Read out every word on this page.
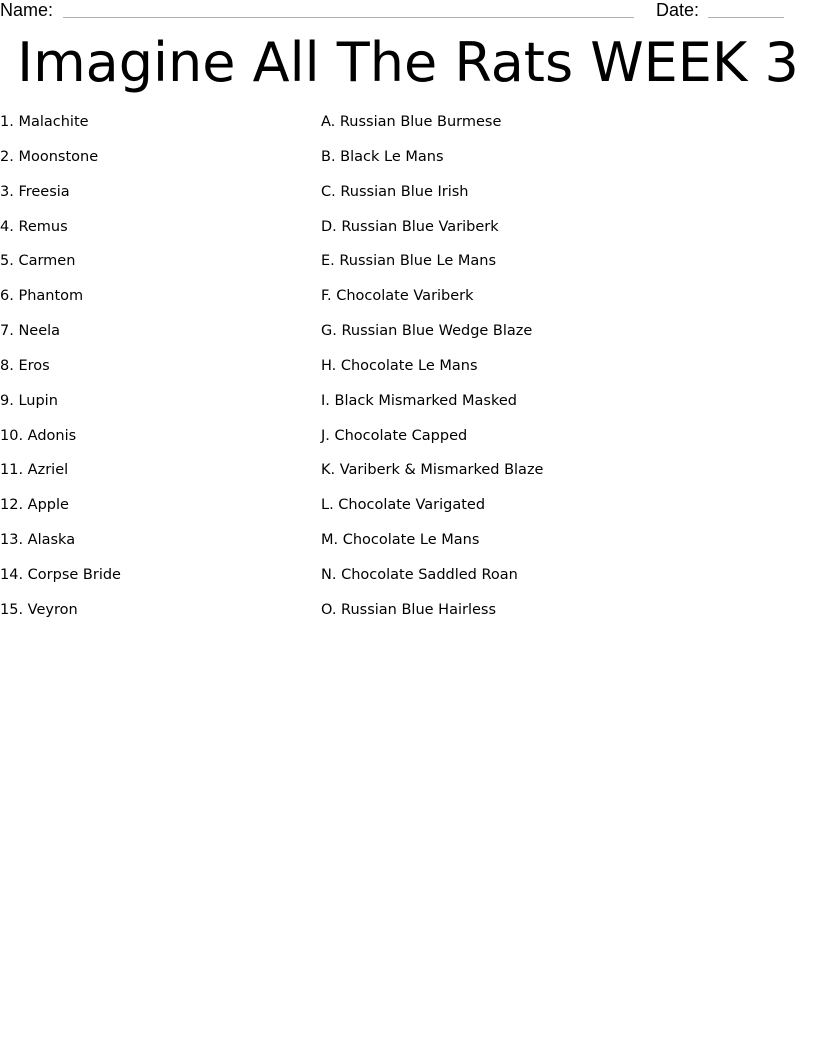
Name:	Date:
Imagine All The Rats WEEK 3
1. Malachite
2. Moonstone
3. Freesia
4. Remus
5. Carmen
6. Phantom
7. Neela
8. Eros
9. Lupin
10. Adonis
11. Azriel
12. Apple
13. Alaska
14. Corpse Bride
15. Veyron
A. Russian Blue Burmese
B. Black Le Mans
C. Russian Blue Irish
D. Russian Blue Variberk
E. Russian Blue Le Mans
F. Chocolate Variberk
G. Russian Blue Wedge Blaze
H. Chocolate Le Mans
I. Black Mismarked Masked
J. Chocolate Capped
K. Variberk & Mismarked Blaze
L. Chocolate Varigated
M. Chocolate Le Mans
N. Chocolate Saddled Roan
O. Russian Blue Hairless
